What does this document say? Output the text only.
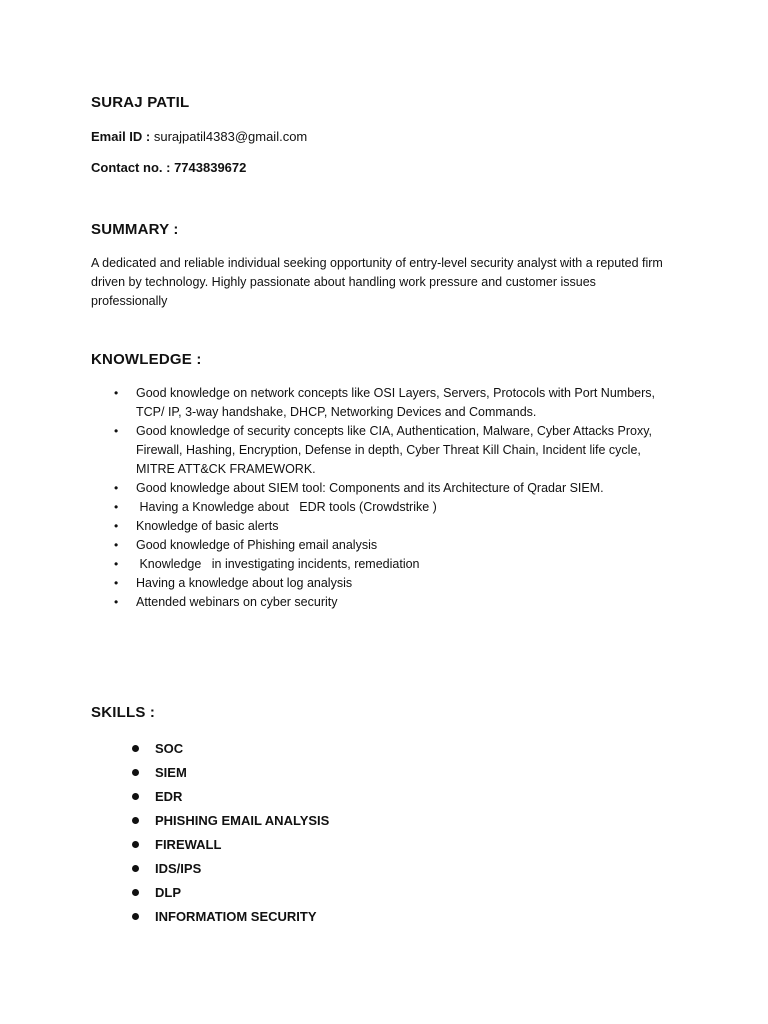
SURAJ PATIL
Email ID : surajpatil4383@gmail.com
Contact no. : 7743839672
SUMMARY :
A dedicated and reliable individual seeking opportunity of entry-level security analyst with a reputed firm driven by technology. Highly passionate about handling work pressure and customer issues professionally
KNOWLEDGE :
• Good knowledge on network concepts like OSI Layers, Servers, Protocols with Port Numbers, TCP/ IP, 3-way handshake, DHCP, Networking Devices and Commands.
• Good knowledge of security concepts like CIA, Authentication, Malware, Cyber Attacks Proxy, Firewall, Hashing, Encryption, Defense in depth, Cyber Threat Kill Chain, Incident life cycle, MITRE ATT&CK FRAMEWORK.
• Good knowledge about SIEM tool: Components and its Architecture of Qradar SIEM.
• Having a Knowledge about   EDR tools (Crowdstrike )
• Knowledge of basic alerts
• Good knowledge of Phishing email analysis
• Knowledge   in investigating incidents, remediation
• Having a knowledge about log analysis
• Attended webinars on cyber security
SKILLS :
SOC
SIEM
EDR
PHISHING EMAIL ANALYSIS
FIREWALL
IDS/IPS
DLP
INFORMATIOM SECURITY
